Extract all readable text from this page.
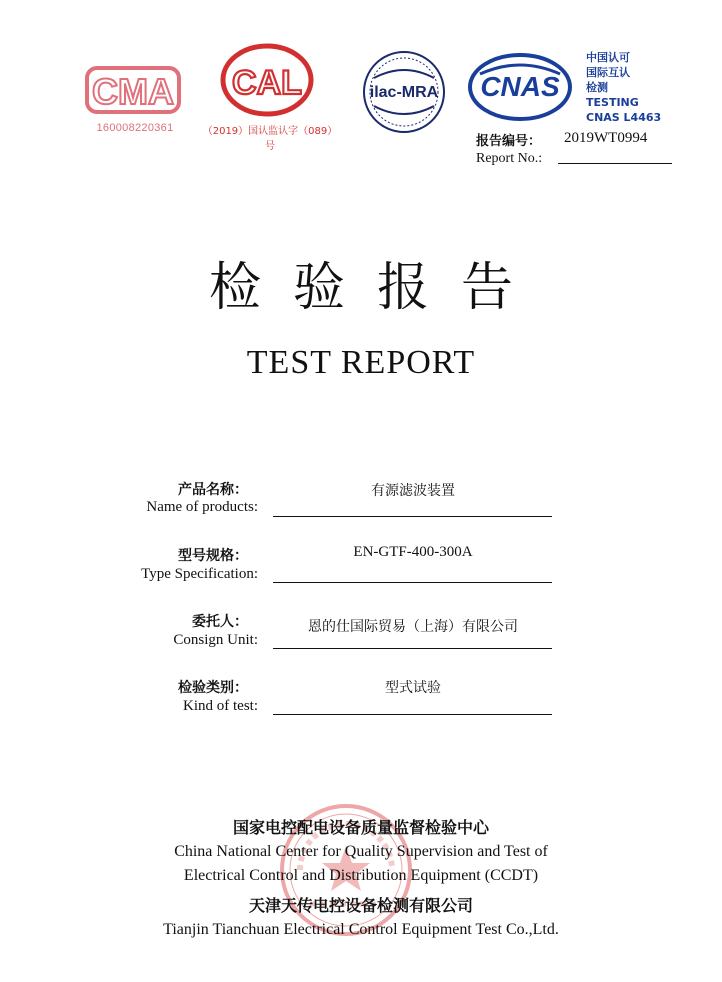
CMA
160008220361
CAL
（2019）国认监认字（089）号
ilac-MRA CNAS
中国认可
国际互认
检测
TESTING
CNAS L4463
报告编号： 2019WT0994
Report No.:
检验报告
TEST REPORT
产品名称：
Name of products:
有源滤波装置
型号规格：
Type Specification:
EN-GTF-400-300A
委托人：
Consign Unit:
恩的仕国际贸易（上海）有限公司
检验类别：
Kind of test:
型式试验
国家电控配电设备质量监督检验中心
China National Center for Quality Supervision and Test of
Electrical Control and Distribution Equipment (CCDT)
天津天传电控设备检测有限公司
Tianjin Tianchuan Electrical Control Equipment Test Co.,Ltd.
